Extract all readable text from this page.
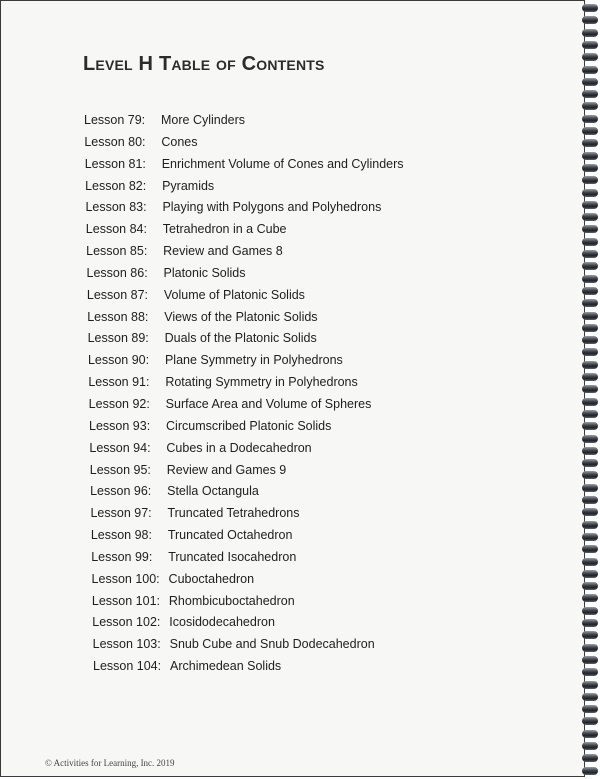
Level H Table of Contents
Lesson 79: More Cylinders
Lesson 80: Cones
Lesson 81: Enrichment Volume of Cones and Cylinders
Lesson 82: Pyramids
Lesson 83: Playing with Polygons and Polyhedrons
Lesson 84: Tetrahedron in a Cube
Lesson 85: Review and Games 8
Lesson 86: Platonic Solids
Lesson 87: Volume of Platonic Solids
Lesson 88: Views of the Platonic Solids
Lesson 89: Duals of the Platonic Solids
Lesson 90: Plane Symmetry in Polyhedrons
Lesson 91: Rotating Symmetry in Polyhedrons
Lesson 92: Surface Area and Volume of Spheres
Lesson 93: Circumscribed Platonic Solids
Lesson 94: Cubes in a Dodecahedron
Lesson 95: Review and Games 9
Lesson 96: Stella Octangula
Lesson 97: Truncated Tetrahedrons
Lesson 98: Truncated Octahedron
Lesson 99: Truncated Isocahedron
Lesson 100: Cuboctahedron
Lesson 101: Rhombicuboctahedron
Lesson 102: Icosidodecahedron
Lesson 103: Snub Cube and Snub Dodecahedron
Lesson 104: Archimedean Solids
© Activities for Learning, Inc. 2019
